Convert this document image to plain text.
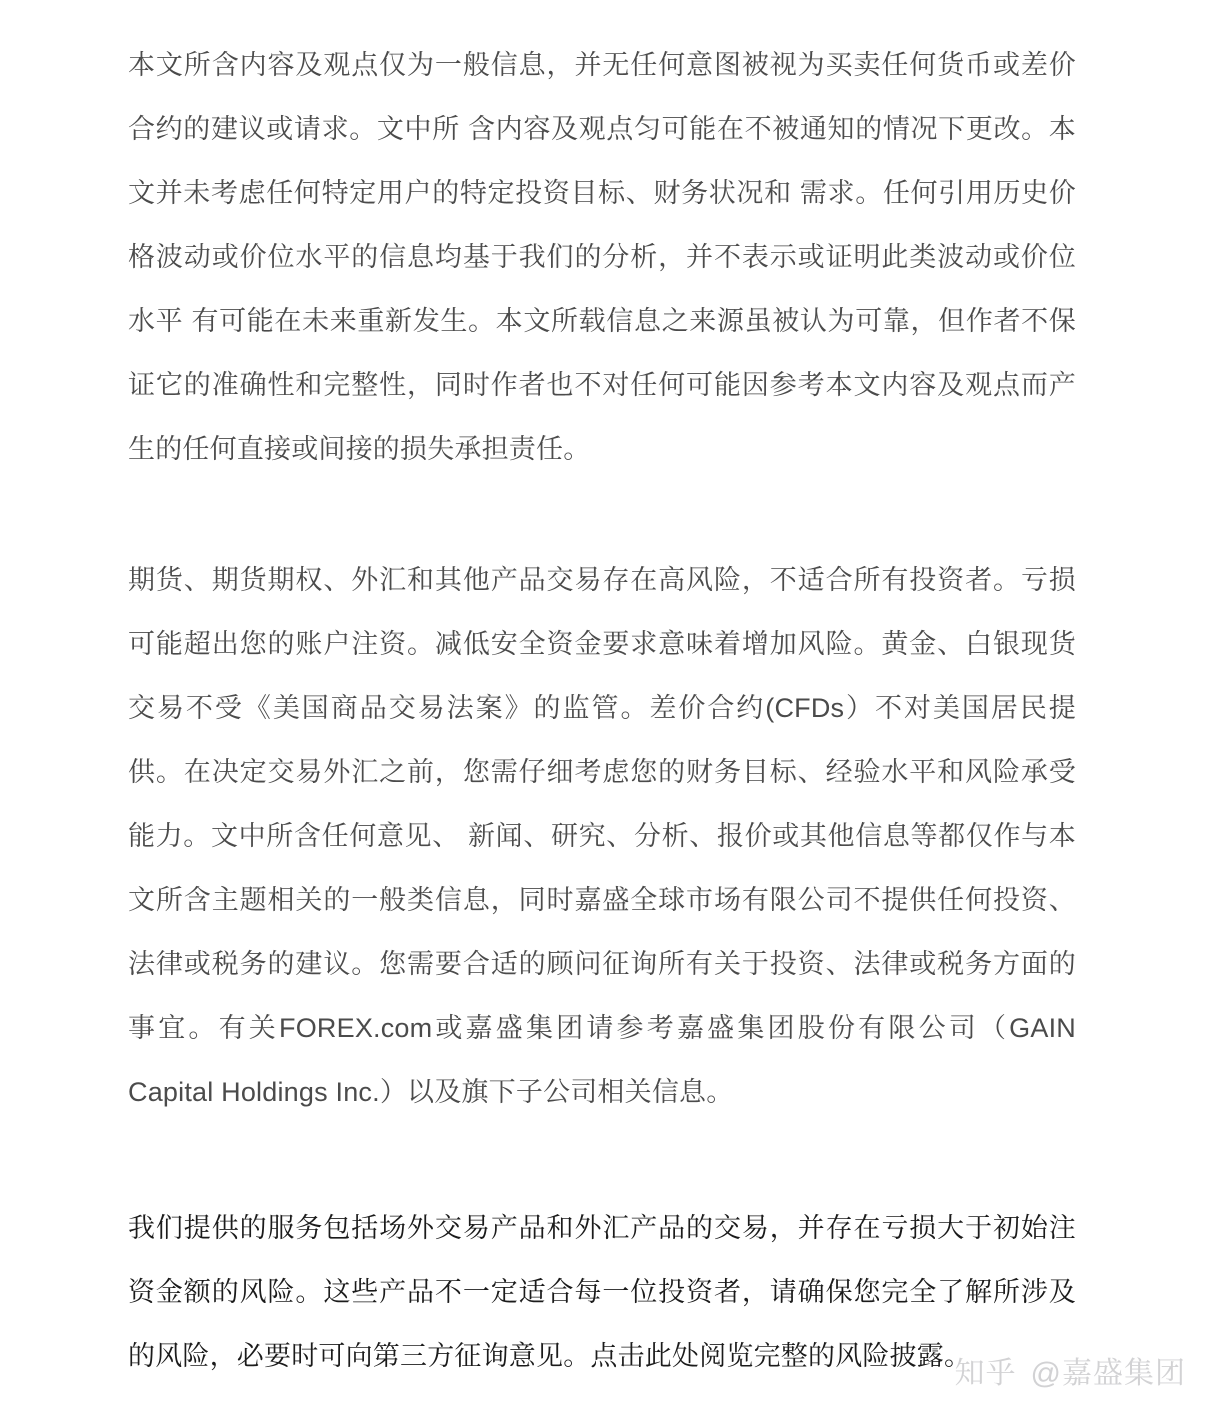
本文所含内容及观点仅为一般信息，并无任何意图被视为买卖任何货币或差价合约的建议或请求。文中所 含内容及观点匀可能在不被通知的情况下更改。本文并未考虑任何特定用户的特定投资目标、财务状况和 需求。任何引用历史价格波动或价位水平的信息均基于我们的分析，并不表示或证明此类波动或价位水平 有可能在未来重新发生。本文所载信息之来源虽被认为可靠，但作者不保证它的准确性和完整性，同时作者也不对任何可能因参考本文内容及观点而产生的任何直接或间接的损失承担责任。

期货、期货期权、外汇和其他产品交易存在高风险，不适合所有投资者。亏损可能超出您的账户注资。减低安全资金要求意味着增加风险。黄金、白银现货交易不受《美国商品交易法案》的监管。差价合约(CFDs）不对美国居民提供。在决定交易外汇之前，您需仔细考虑您的财务目标、经验水平和风险承受能力。文中所含任何意见、 新闻、研究、分析、报价或其他信息等都仅作与本文所含主题相关的一般类信息，同时嘉盛全球市场有限公司不提供任何投资、法律或税务的建议。您需要合适的顾问征询所有关于投资、法律或税务方面的事宜。有关FOREX.com或嘉盛集团请参考嘉盛集团股份有限公司（GAIN Capital Holdings Inc.）以及旗下子公司相关信息。

我们提供的服务包括场外交易产品和外汇产品的交易，并存在亏损大于初始注资金额的风险。这些产品不一定适合每一位投资者，请确保您完全了解所涉及的风险，必要时可向第三方征询意见。点击此处阅览完整的风险披露。

知乎 @嘉盛集团
